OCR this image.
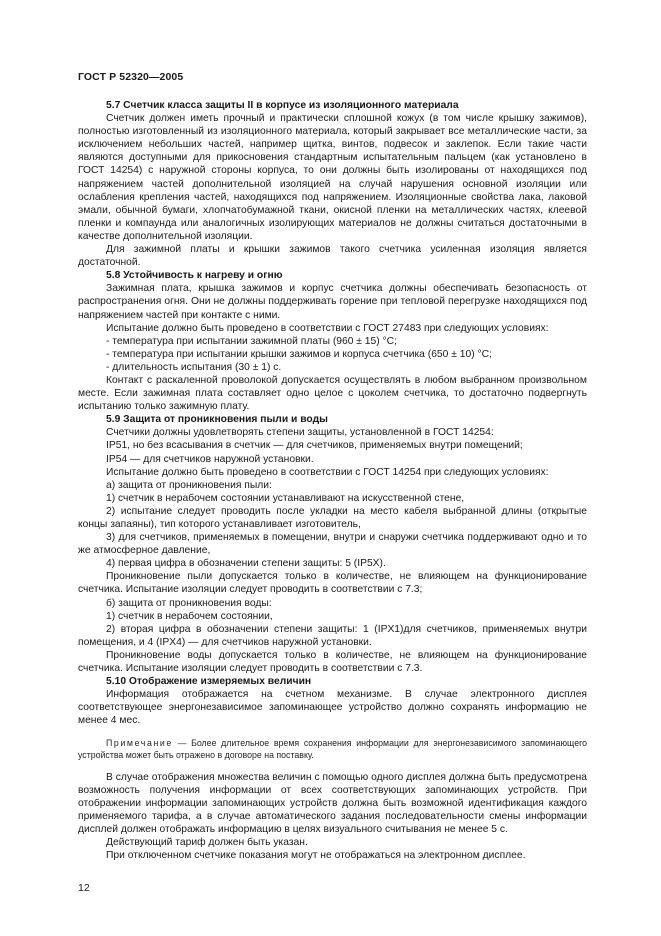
ГОСТ Р 52320—2005

5.7 Счетчик класса защиты II в корпусе из изоляционного материала

Счетчик должен иметь прочный и практически сплошной кожух (в том числе крышку зажимов), полностью изготовленный из изоляционного материала, который закрывает все металлические части, за исключением небольших частей, например щитка, винтов, подвесок и заклепок. Если такие части являются доступными для прикосновения стандартным испытательным пальцем (как установлено в ГОСТ 14254) с наружной стороны корпуса, то они должны быть изолированы от находящихся под напряжением частей дополнительной изоляцией на случай нарушения основной изоляции или ослабления крепления частей, находящихся под напряжением. Изоляционные свойства лака, лаковой эмали, обычной бумаги, хлопчатобумажной ткани, окисной пленки на металлических частях, клеевой пленки и компаунда или аналогичных изолирующих материалов не должны считаться достаточными в качестве дополнительной изоляции.

Для зажимной платы и крышки зажимов такого счетчика усиленная изоляция является достаточной.

5.8 Устойчивость к нагреву и огню

Зажимная плата, крышка зажимов и корпус счетчика должны обеспечивать безопасность от распространения огня. Они не должны поддерживать горение при тепловой перегрузке находящихся под напряжением частей при контакте с ними.

Испытание должно быть проведено в соответствии с ГОСТ 27483 при следующих условиях:

- температура при испытании зажимной платы (960 ± 15) °С;

- температура при испытании крышки зажимов и корпуса счетчика (650 ± 10) °С;

- длительность испытания (30 ± 1) с.

Контакт с раскаленной проволокой допускается осуществлять в любом выбранном произвольном месте. Если зажимная плата составляет одно целое с цоколем счетчика, то достаточно подвергнуть испытанию только зажимную плату.

5.9 Защита от проникновения пыли и воды

Счетчики должны удовлетворять степени защиты, установленной в ГОСТ 14254:

IP51, но без всасывания в счетчик — для счетчиков, применяемых внутри помещений;

IP54 — для счетчиков наружной установки.

Испытание должно быть проведено в соответствии с ГОСТ 14254 при следующих условиях:

а) защита от проникновения пыли:

1) счетчик в нерабочем состоянии устанавливают на искусственной стене,

2) испытание следует проводить после укладки на место кабеля выбранной длины (открытые концы запаяны), тип которого устанавливает изготовитель,

3) для счетчиков, применяемых в помещении, внутри и снаружи счетчика поддерживают одно и то же атмосферное давление,

4) первая цифра в обозначении степени защиты: 5 (IP5X).

Проникновение пыли допускается только в количестве, не влияющем на функционирование счетчика. Испытание изоляции следует проводить в соответствии с 7.3;

б) защита от проникновения воды:

1) счетчик в нерабочем состоянии,

2) вторая цифра в обозначении степени защиты: 1 (IPX1)для счетчиков, применяемых внутри помещения, и 4 (IPX4) — для счетчиков наружной установки.

Проникновение воды допускается только в количестве, не влияющем на функционирование счетчика. Испытание изоляции следует проводить в соответствии с 7.3.

5.10 Отображение измеряемых величин

Информация отображается на счетном механизме. В случае электронного дисплея соответствующее энергонезависимое запоминающее устройство должно сохранять информацию не менее 4 мес.

Примечание — Более длительное время сохранения информации для энергонезависимого запоминающего устройства может быть отражено в договоре на поставку.

В случае отображения множества величин с помощью одного дисплея должна быть предусмотрена возможность получения информации от всех соответствующих запоминающих устройств. При отображении информации запоминающих устройств должна быть возможной идентификация каждого применяемого тарифа, а в случае автоматического задания последовательности смены информации дисплей должен отображать информацию в целях визуального считывания не менее 5 с.

Действующий тариф должен быть указан.

При отключенном счетчике показания могут не отображаться на электронном дисплее.

12
